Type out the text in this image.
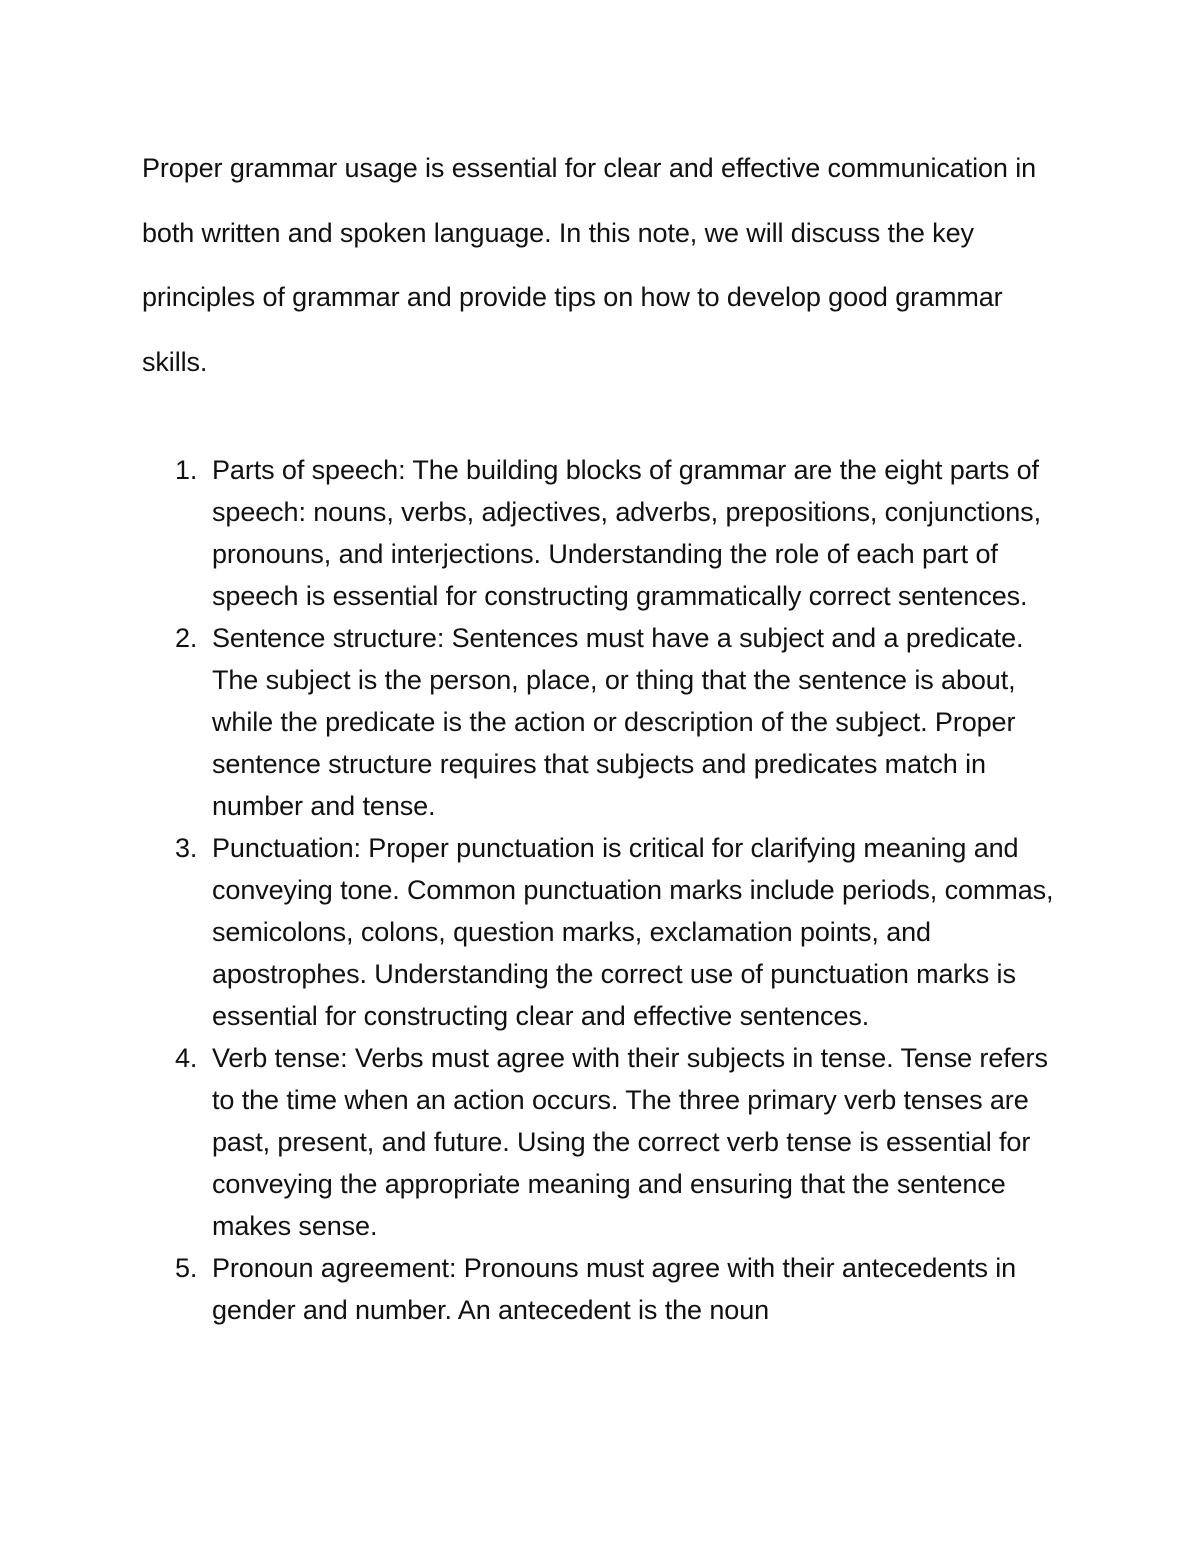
Proper grammar usage is essential for clear and effective communication in both written and spoken language. In this note, we will discuss the key principles of grammar and provide tips on how to develop good grammar skills.

1. Parts of speech: The building blocks of grammar are the eight parts of speech: nouns, verbs, adjectives, adverbs, prepositions, conjunctions, pronouns, and interjections. Understanding the role of each part of speech is essential for constructing grammatically correct sentences.
2. Sentence structure: Sentences must have a subject and a predicate. The subject is the person, place, or thing that the sentence is about, while the predicate is the action or description of the subject. Proper sentence structure requires that subjects and predicates match in number and tense.
3. Punctuation: Proper punctuation is critical for clarifying meaning and conveying tone. Common punctuation marks include periods, commas, semicolons, colons, question marks, exclamation points, and apostrophes. Understanding the correct use of punctuation marks is essential for constructing clear and effective sentences.
4. Verb tense: Verbs must agree with their subjects in tense. Tense refers to the time when an action occurs. The three primary verb tenses are past, present, and future. Using the correct verb tense is essential for conveying the appropriate meaning and ensuring that the sentence makes sense.
5. Pronoun agreement: Pronouns must agree with their antecedents in gender and number. An antecedent is the noun
